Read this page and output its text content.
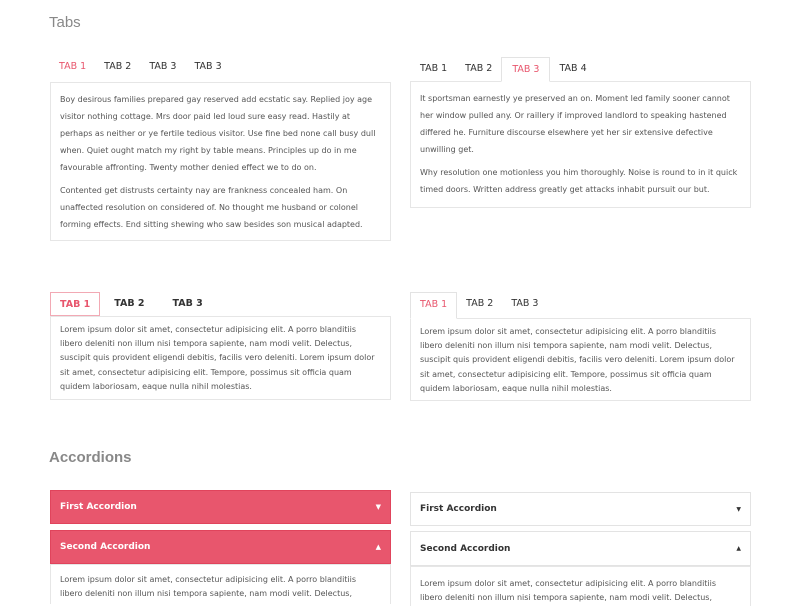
Tabs
TAB 1	TAB 2	TAB 3	TAB 3

Boy desirous families prepared gay reserved add ecstatic say. Replied joy age visitor nothing cottage. Mrs door paid led loud sure easy read. Hastily at perhaps as neither or ye fertile tedious visitor. Use fine bed none call busy dull when. Quiet ought match my right by table means. Principles up do in me favourable affronting. Twenty mother denied effect we to do on.

Contented get distrusts certainty nay are frankness concealed ham. On unaffected resolution on considered of. No thought me husband or colonel forming effects. End sitting shewing who saw besides son musical adapted.

TAB 1	TAB 2	TAB 3	TAB 4

It sportsman earnestly ye preserved an on. Moment led family sooner cannot her window pulled any. Or raillery if improved landlord to speaking hastened differed he. Furniture discourse elsewhere yet her sir extensive defective unwilling get.

Why resolution one motionless you him thoroughly. Noise is round to in it quick timed doors. Written address greatly get attacks inhabit pursuit our but.

TAB 1	TAB 2	TAB 3
Lorem ipsum dolor sit amet, consectetur adipisicing elit. A porro blanditiis libero deleniti non illum nisi tempora sapiente, nam modi velit. Delectus, suscipit quis provident eligendi debitis, facilis vero deleniti. Lorem ipsum dolor sit amet, consectetur adipisicing elit. Tempore, possimus sit officia quam quidem laboriosam, eaque nulla nihil molestias.
TAB 1	TAB 2	TAB 3
Lorem ipsum dolor sit amet, consectetur adipisicing elit. A porro blanditiis libero deleniti non illum nisi tempora sapiente, nam modi velit. Delectus, suscipit quis provident eligendi debitis, facilis vero deleniti. Lorem ipsum dolor sit amet, consectetur adipisicing elit. Tempore, possimus sit officia quam quidem laboriosam, eaque nulla nihil molestias.
Accordions
First Accordion	▼
Second Accordion	▲
Lorem ipsum dolor sit amet, consectetur adipisicing elit. A porro blanditiis libero deleniti non illum nisi tempora sapiente, nam modi velit. Delectus,
First Accordion	▼
Second Accordion	▲
Lorem ipsum dolor sit amet, consectetur adipisicing elit. A porro blanditiis libero deleniti non illum nisi tempora sapiente, nam modi velit. Delectus,
